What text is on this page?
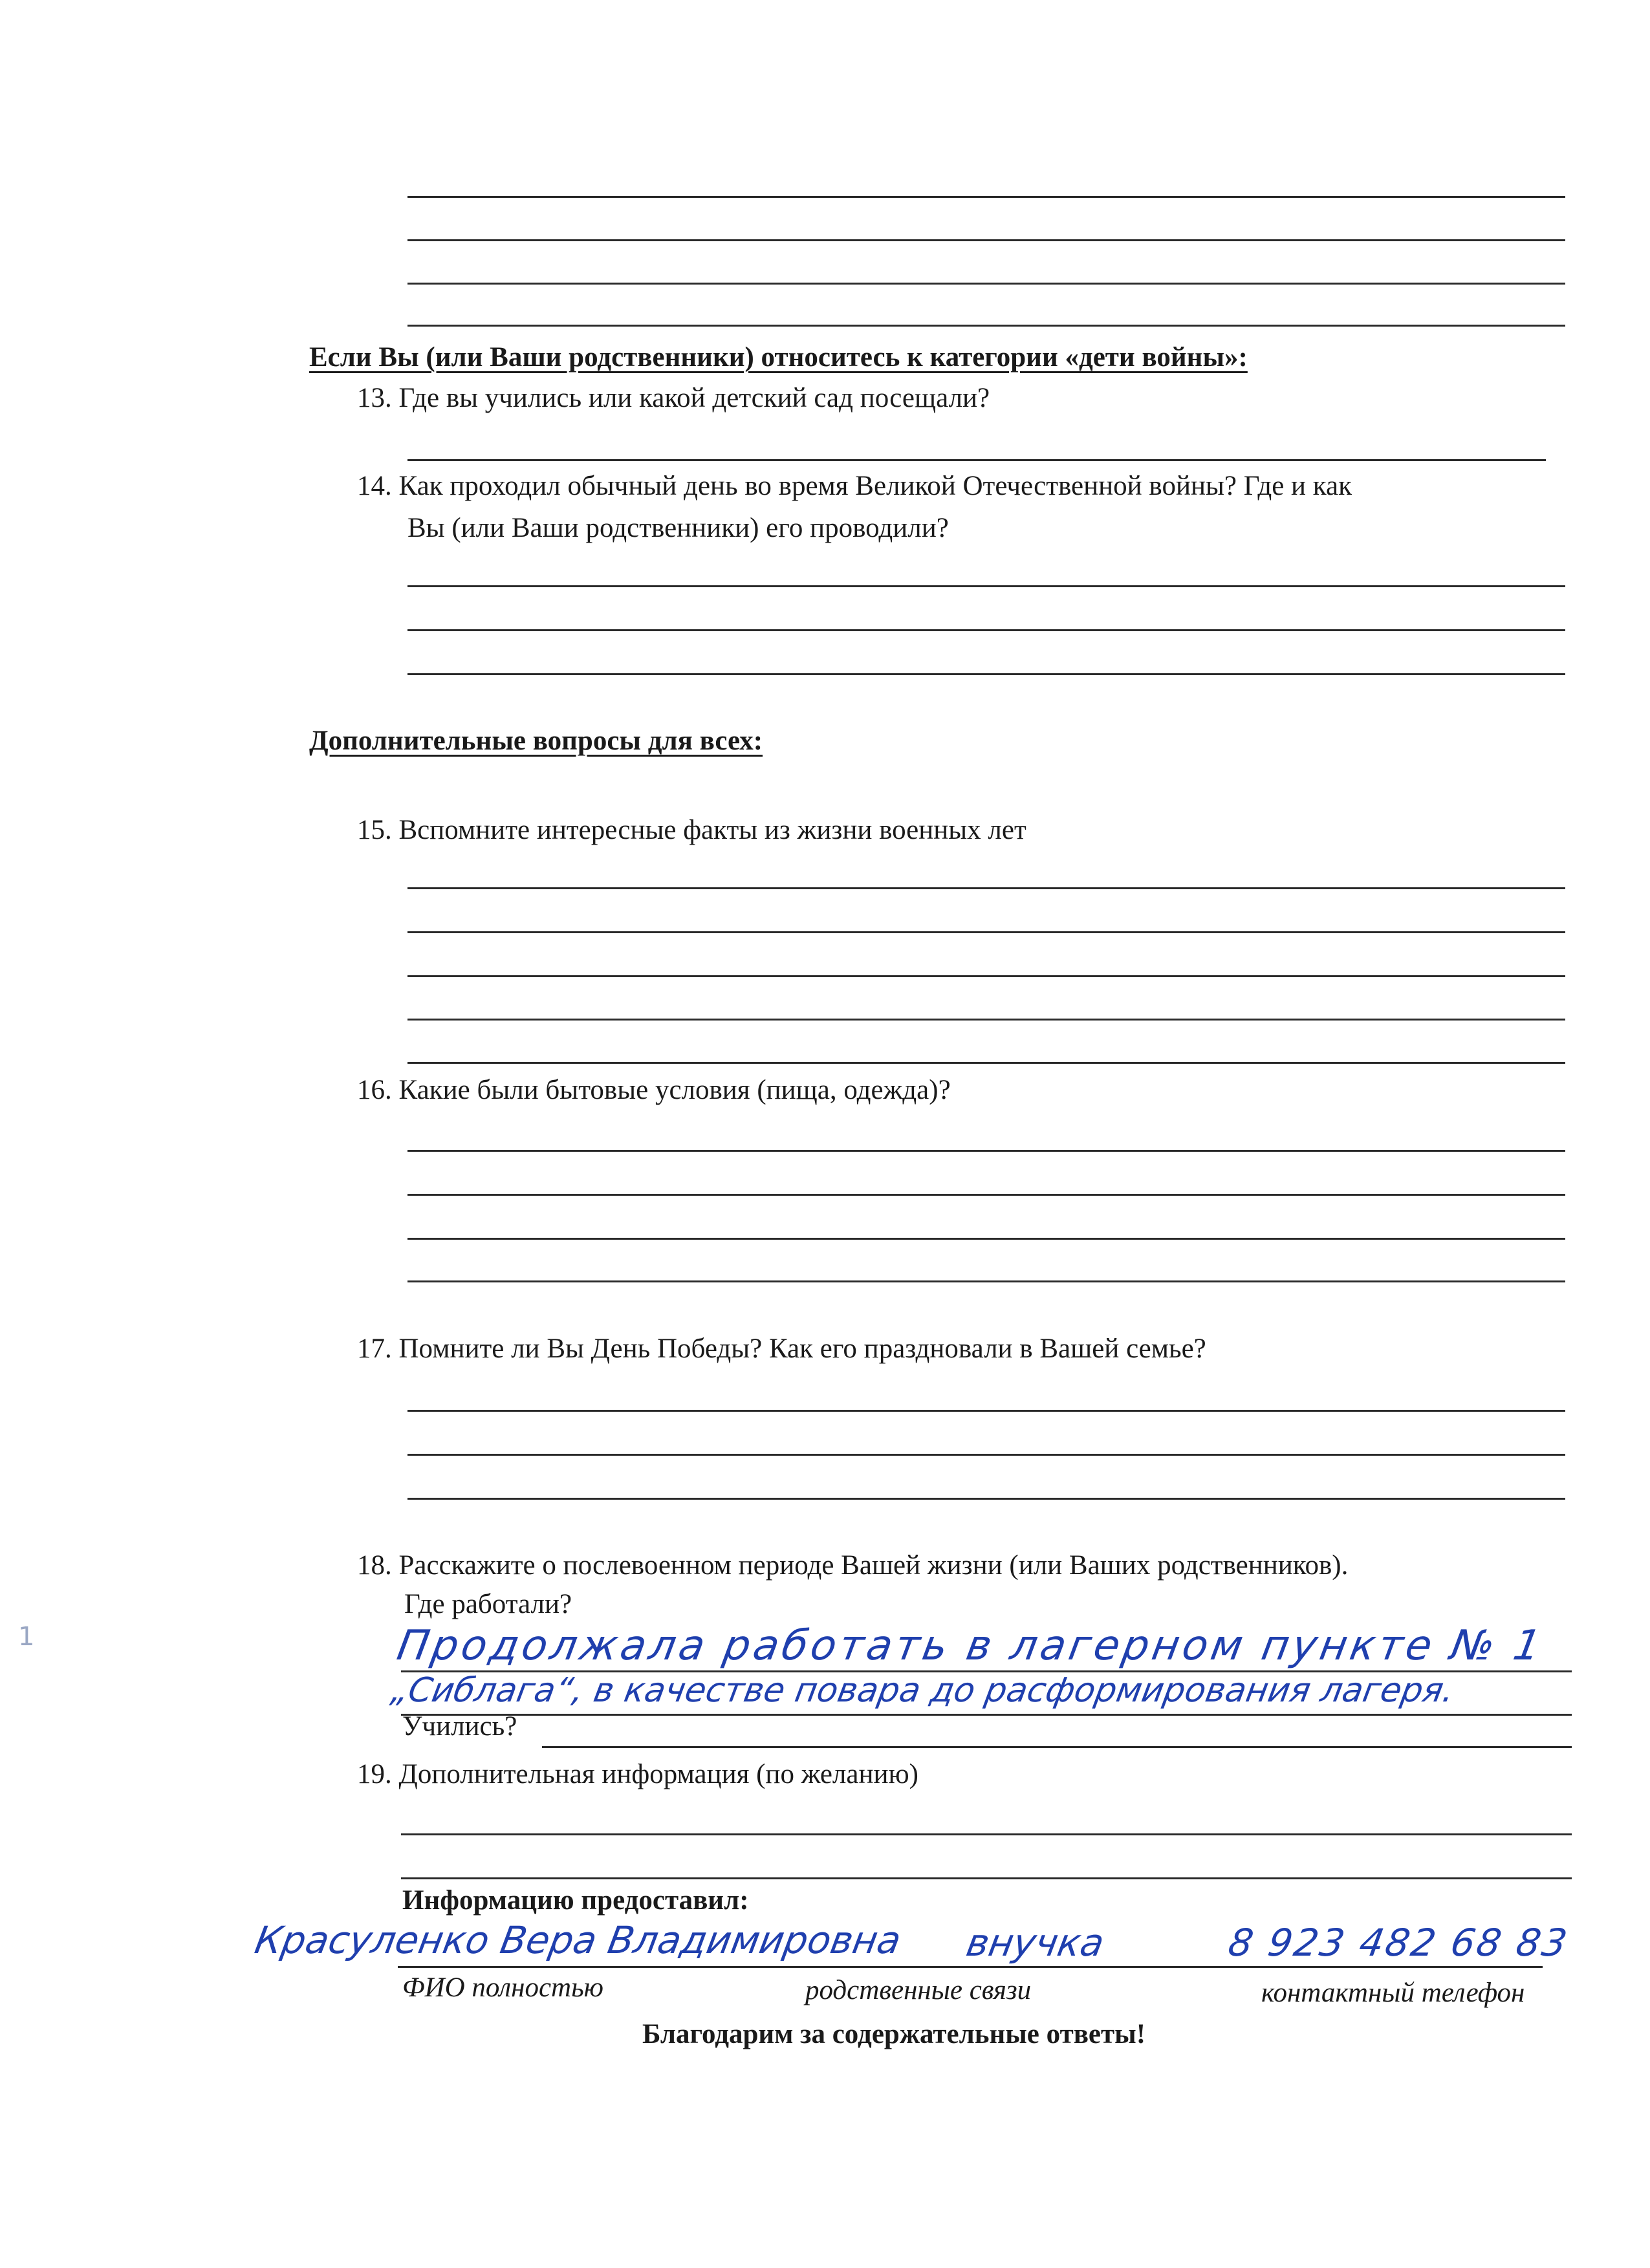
Если Вы (или Ваши родственники) относитесь к категории «дети войны»:
13. Где вы учились или какой детский сад посещали?
14. Как проходил обычный день во время Великой Отечественной войны? Где и как
Вы (или Ваши родственники) его проводили?
Дополнительные вопросы для всех:
15. Вспомните интересные факты из жизни военных лет
16. Какие были бытовые условия (пища, одежда)?
17. Помните ли Вы День Победы? Как его праздновали в Вашей семье?
18. Расскажите о послевоенном периоде Вашей жизни (или Ваших родственников).
Где работали?
Продолжала работать в лагерном пункте № 1
„Сиблага“, в качестве повара до расформирования лагеря.
Учились?
19. Дополнительная информация (по желанию)
Информацию предоставил:
Красуленко Вера Владимировна внучка	8 923 482 68 83
ФИО полностью	родственные связи	контактный телефон
Благодарим за содержательные ответы!
1
